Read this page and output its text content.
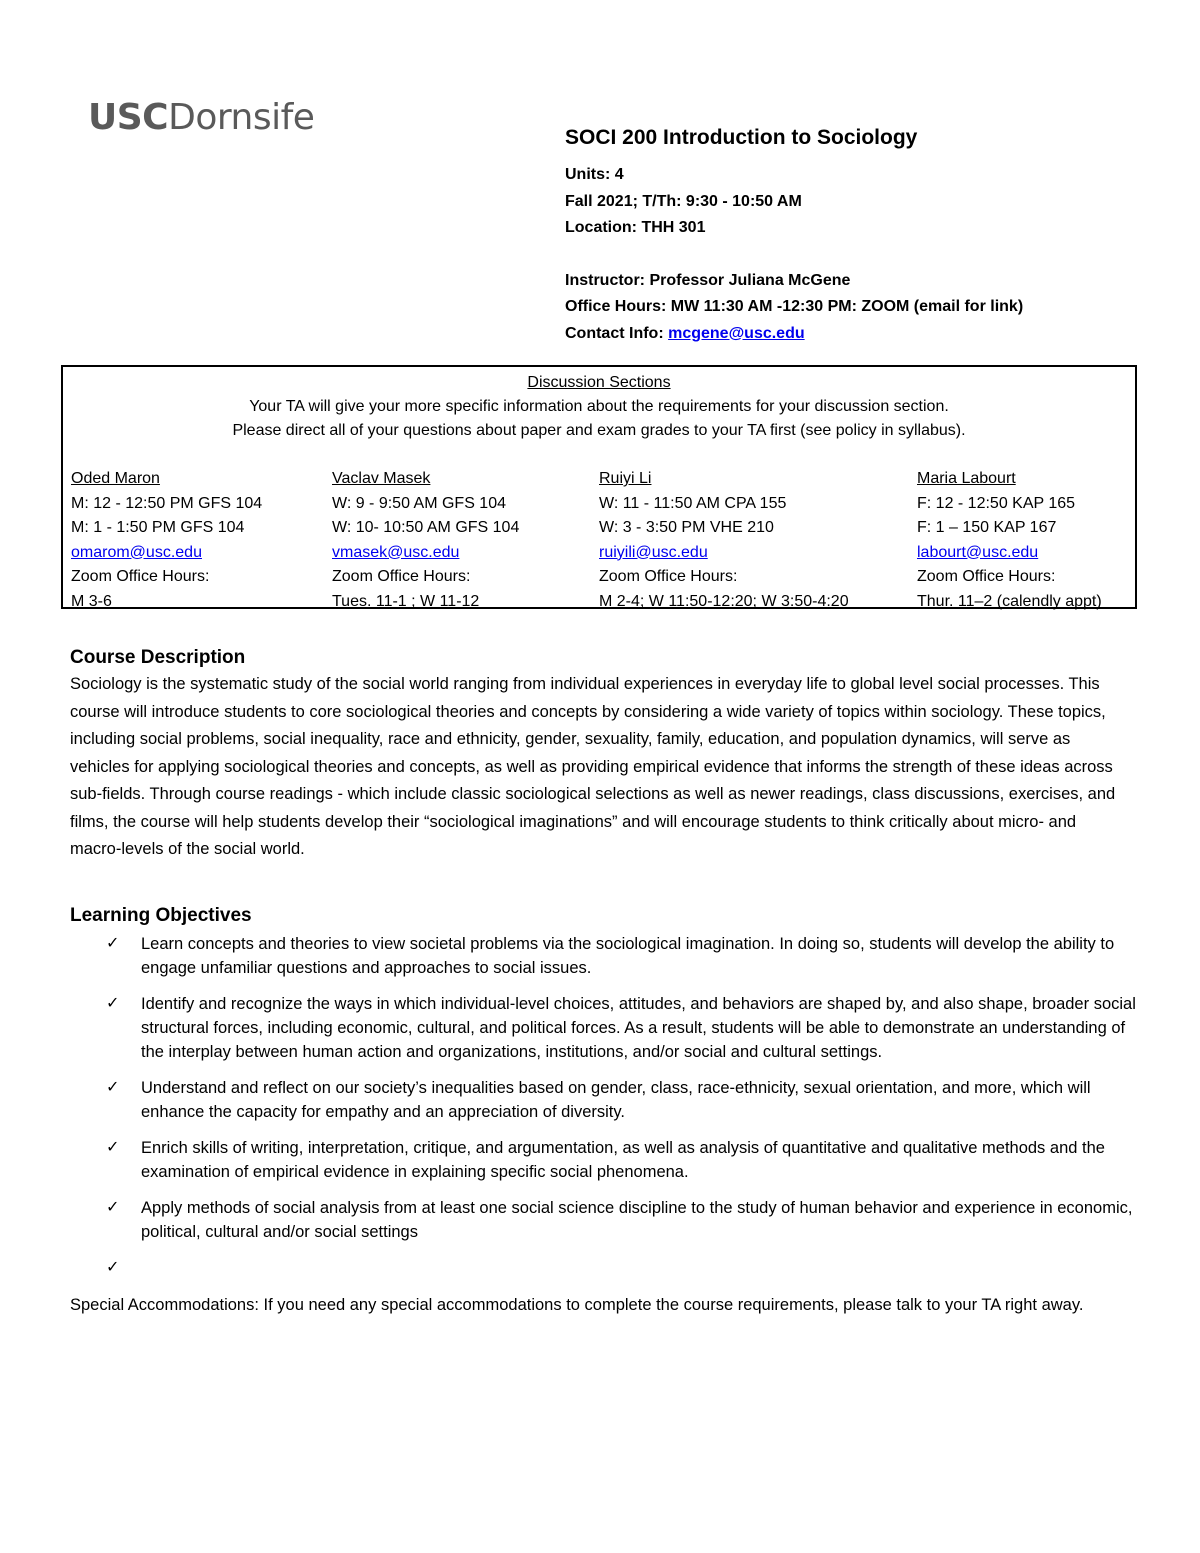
USCDornsife	SOCI 200 Introduction to Sociology
Units: 4
Fall 2021; T/Th: 9:30 - 10:50 AM
Location: THH 301
Instructor: Professor Juliana McGene
Office Hours: MW 11:30 AM -12:30 PM: ZOOM (email for link)
Contact Info: mcgene@usc.edu
Discussion Sections
Your TA will give your more specific information about the requirements for your discussion section.
Please direct all of your questions about paper and exam grades to your TA first (see policy in syllabus).
Oded Maron
M: 12 - 12:50 PM GFS 104
M: 1 - 1:50 PM GFS 104
omarom@usc.edu
Zoom Office Hours:
M 3-6
Vaclav Masek
W: 9 - 9:50 AM GFS 104
W: 10- 10:50 AM GFS 104
vmasek@usc.edu
Zoom Office Hours:
Tues. 11-1 ; W 11-12
Ruiyi Li
W: 11 - 11:50 AM CPA 155
W: 3 - 3:50 PM VHE 210
ruiyili@usc.edu
Zoom Office Hours:
M 2-4; W 11:50-12:20; W 3:50-4:20
Maria Labourt
F: 12 - 12:50 KAP 165
F: 1 – 150 KAP 167
labourt@usc.edu
Zoom Office Hours:
Thur. 11–2 (calendly appt)
Course Description
Sociology is the systematic study of the social world ranging from individual experiences in everyday life to global level social processes. This course will introduce students to core sociological theories and concepts by considering a wide variety of topics within sociology. These topics, including social problems, social inequality, race and ethnicity, gender, sexuality, family, education, and population dynamics, will serve as vehicles for applying sociological theories and concepts, as well as providing empirical evidence that informs the strength of these ideas across sub-fields. Through course readings - which include classic sociological selections as well as newer readings, class discussions, exercises, and films, the course will help students develop their “sociological imaginations” and will encourage students to think critically about micro- and macro-levels of the social world.
Learning Objectives
✓ Learn concepts and theories to view societal problems via the sociological imagination. In doing so, students will develop the ability to engage unfamiliar questions and approaches to social issues.
✓ Identify and recognize the ways in which individual-level choices, attitudes, and behaviors are shaped by, and also shape, broader social structural forces, including economic, cultural, and political forces. As a result, students will be able to demonstrate an understanding of the interplay between human action and organizations, institutions, and/or social and cultural settings.
✓ Understand and reflect on our society’s inequalities based on gender, class, race-ethnicity, sexual orientation, and more, which will enhance the capacity for empathy and an appreciation of diversity.
✓ Enrich skills of writing, interpretation, critique, and argumentation, as well as analysis of quantitative and qualitative methods and the examination of empirical evidence in explaining specific social phenomena.
✓ Apply methods of social analysis from at least one social science discipline to the study of human behavior and experience in economic, political, cultural and/or social settings
✓
Special Accommodations: If you need any special accommodations to complete the course requirements, please talk to your TA right away.
